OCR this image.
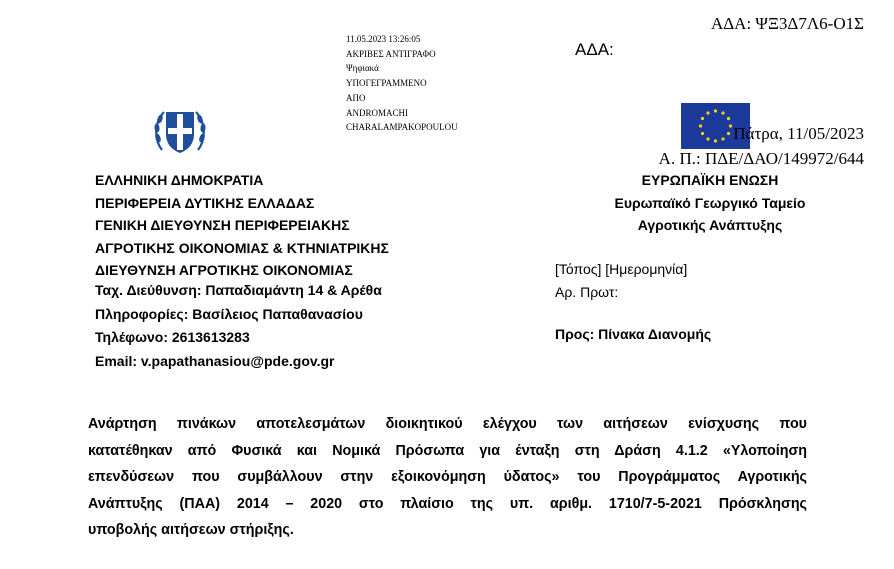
ΑΔΑ: ΨΞ3Δ7Λ6-Ο1Σ
11.05.2023 13:26:05
ΑΚΡΙΒΕΣ ΑΝΤΙΓΡΑΦΟ
Ψηφιακά
ΥΠΟΓΕΓΡΑΜΜΕΝΟ
ΑΠΟ
ANDROMACHI
CHARALAMPAKOPOULOU
ΑΔΑ:
Πάτρα, 11/05/2023
Α. Π.: ΠΔΕ/ΔΑΟ/149972/644
ΕΛΛΗΝΙΚΗ ΔΗΜΟΚΡΑΤΙΑ
ΠΕΡΙΦΕΡΕΙΑ ΔΥΤΙΚΗΣ ΕΛΛΑΔΑΣ
ΓΕΝΙΚΗ ΔΙΕΥΘΥΝΣΗ ΠΕΡΙΦΕΡΕΙΑΚΗΣ
ΑΓΡΟΤΙΚΗΣ ΟΙΚΟΝΟΜΙΑΣ & ΚΤΗΝΙΑΤΡΙΚΗΣ
ΔΙΕΥΘΥΝΣΗ ΑΓΡΟΤΙΚΗΣ ΟΙΚΟΝΟΜΙΑΣ
Ταχ. Διεύθυνση: Παπαδιαμάντη 14 & Αρέθα
Πληροφορίες: Βασίλειος Παπαθανασίου
Τηλέφωνο: 2613613283
Email: v.papathanasiou@pde.gov.gr
ΕΥΡΩΠΑΪΚΗ ΕΝΩΣΗ
Ευρωπαϊκό Γεωργικό Ταμείο
Αγροτικής Ανάπτυξης
[Τόπος] [Ημερομηνία]
Αρ. Πρωτ:
Προς: Πίνακα Διανομής
Ανάρτηση πινάκων αποτελεσμάτων διοικητικού ελέγχου των αιτήσεων ενίσχυσης που
κατατέθηκαν από Φυσικά και Νομικά Πρόσωπα για ένταξη στη Δράση 4.1.2 «Υλοποίηση
επενδύσεων που συμβάλλουν στην εξοικονόμηση ύδατος» του Προγράμματος Αγροτικής
Ανάπτυξης (ΠΑΑ) 2014 – 2020 στο πλαίσιο της υπ. αριθμ. 1710/7-5-2021 Πρόσκλησης
υποβολής αιτήσεων στήριξης.
